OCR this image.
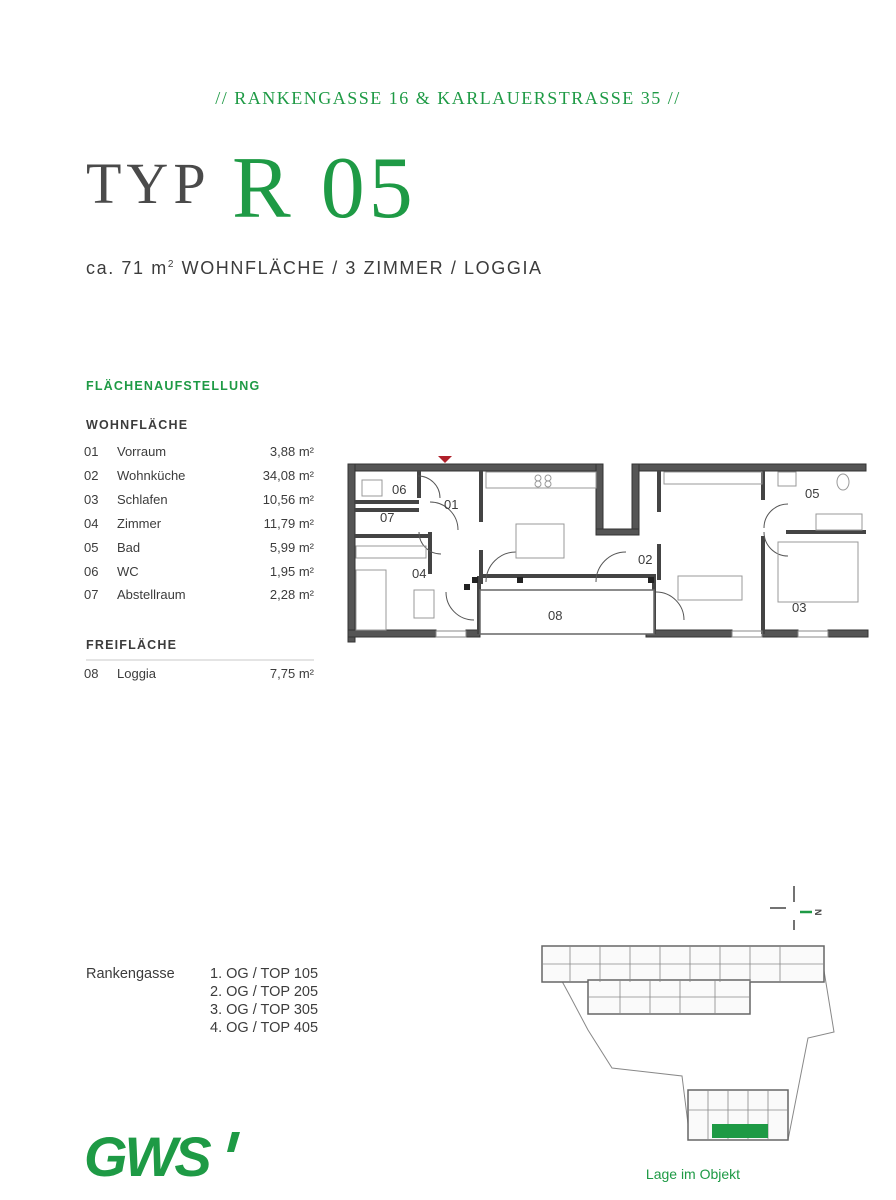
// RANKENGASSE 16 & KARLAUERSTRASSE 35 //
TYP R 05
ca. 71 $m^2$ WOHNFLÄCHE / 3 ZIMMER / LOGGIA
FLÄCHENAUFSTELLUNG
WOHNFLÄCHE
01 Vorraum	3,88 m²
02 Wohnküche	34,08 m²
03 Schlafen	10,56 m²
04 Zimmer	11,79 m²
05 Bad	5,99 m²
06 WC	1,95 m²
07 Abstellraum	2,28 m²
FREIFLÄCHE
08 Loggia	7,75 m²
01
02
03
04
05
06
07
08
Rankengasse 1. OG / TOP 105
2. OG / TOP 205
3. OG / TOP 305
4. OG / TOP 405
N
Lage im Objekt
GWS
